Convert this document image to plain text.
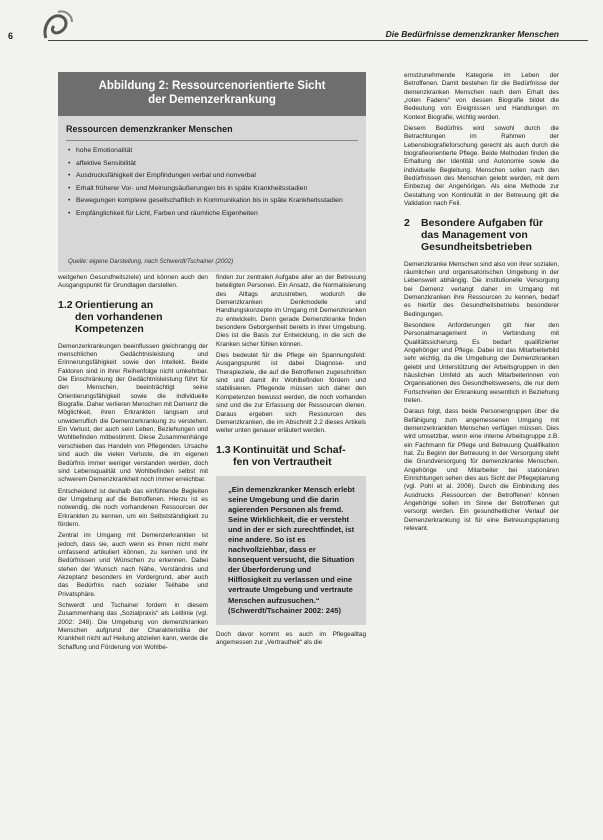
6	Die Bedürfnisse demenzkranker Menschen
Abbildung 2: Ressourcenorientierte Sicht
der Demenzerkrankung
Ressourcen demenzkranker Menschen
• hohe Emotionalität
• affektive Sensibilität
• Ausdrucksfähigkeit der Empfindungen verbal und nonverbal
• Erhalt früherer Vor- und Meinungsäußerungen bis in späte Krankheitsstadien
• Bewegungen komplexe gesellschaftlich in Kommunikation bis in späte Krankheitsstadien
• Empfänglichkeit für Licht, Farben und räumliche Eigenheiten
Quelle: eigene Darstellung, nach Schwerdt/Tschainer (2002)

weitgehen Gesundheitsziele) und können auch den Ausgangspunkt für Grundlagen darstellen.

1.2 Orientierung an
den vorhandenen
Kompetenzen

Demenzerkrankungen beeinflussen gleichrangig der menschlichen Gedächtnisleistung und Erinnerungsfähigkeit sowie den Intellekt. Beide Faktoren sind in ihrer Reihenfolge nicht umkehrbar. Die Einschränkung der Gedächtnisleistung führt für den Menschen, beeinträchtigt seine Orientierungsfähigkeit sowie die individuelle Biografie. Daher verlieren Menschen mit Demenz die Möglichkeit, ihren Erkrankten langsam und unwiderruflich die Demenzerkrankung zu verstehen. Ein Verlust, der auch sein Leben, Beziehungen und Wohlbefinden mitbestimmt. Diese Zusammenhänge verschieben das Handeln von Pflegenden. Ursache sind auch die vielen Verluste, die im eigenen Bedürfnis immer weniger verstanden werden, doch sind Lebensqualität und Wohlbefinden selbst mit schwerem Demenzkrankheit noch immer erreichbar.

Entscheidend ist deshalb das einfühlende Begleiten der Umgebung auf die Betroffenen. Hierzu ist es notwendig, die noch vorhandenen Ressourcen der Erkrankten zu kennen, um ein Selbstständigkeit zu fördern.

Zentral im Umgang mit Demenzerkrankten ist jedoch, dass sie, auch wenn es ihnen nicht mehr umfassend artikuliert können, zu kennen und ihr Bedürfnissen und Wünschen zu erkennen. Dabei stehen der Wunsch nach Nähe, Verständnis und Akzeptanz besonders im Vordergrund, aber auch das Bedürfnis nach sozialer Teilhabe und Privatsphäre.

Schwerdt und Tschainer fordern in diesem Zusammenhang das „Sozialpraxis“ als Leitlinie (vgl. 2002: 248). Die Umgebung von demenzkranken Menschen aufgrund der Charakteristika der Krankheit nicht auf Heilung abzielen kann, werde die Schaffung und Förderung von Wohlbe-

finden zur zentralen Aufgabe aller an der Betreuung beteiligten Personen. Ein Ansatz, die Normalisierung des Alltags anzustreben, wodurch die Demenzkranken Denkmodelle und Handlungskonzepte im Umgang mit Demenzkranken zu entwickeln. Denn gerade Demenzkranke finden besondere Geborgenheit bereits in ihrer Umgebung. Dies ist die Basis zur Entwicklung, in die sich die Kranken sicher fühlen können.

Dies bedeutet für die Pflege ein Spannungsfeld: Ausgangspunkt ist dabei Diagnose- und Therapieziele, die auf die Betroffenen zugeschnitten sind und damit ihr Wohlbefinden fördern und stabilisieren. Pflegende müssen sich daher den Kompetenzen bewusst werden, die noch vorhanden sind und die zur Erfassung der Ressourcen dienen. Daraus ergeben sich Ressourcen des Demenzkranken, die im Abschnitt 2.2 dieses Artikels weiter unten genauer erläutert werden.

1.3 Kontinuität und Schaf-
fen von Vertrautheit
„Ein demenzkranker Mensch erlebt seine Umgebung und die darin agierenden Personen als fremd. Seine Wirklichkeit, die er versteht und in der er sich zurechtfindet, ist eine andere. So ist es nachvollziehbar, dass er konsequent versucht, die Situation der Überforderung und Hilflosigkeit zu verlassen und eine vertraute Umgebung und vertraute Menschen aufzusuchen.“ (Schwerdt/Tschainer 2002: 245)

Doch davor kommt es auch im Pflegealltag angemessen zur „Vertrautheit“ als die

ernstzunehmende Kategorie im Leben der Betroffenen. Damit bestehen für die Bedürfnisse der demenzkranken Menschen nach dem Erhalt des „roten Fadens“ von dessen Biografie bildet die Bedeutung von Ereignissen und Handlungen im Kontext Biografie, wichtig werden.

Diesem Bedürfnis wird sowohl durch die Betrachtungen im Rahmen der Lebensbiografieforschung gerecht als auch durch die biografieorientierte Pflege. Beide Methoden finden die Erhaltung der Identität und Autonomie sowie die individuelle Begleitung. Menschen sollen nach den Bedürfnissen des Menschen gelebt werden, mit dem Einbezug der Angehörigen. Als eine Methode zur Gestaltung von Kontinuität in der Betreuung gilt die Validation nach Feil.

2 Besondere Aufgaben für
das Management von
Gesundheitsbetrieben

Demenzkranke Menschen sind also von ihrer sozialen, räumlichen und organisatorischen Umgebung in der Lebenswelt abhängig. Die institutionelle Versorgung bei Demenz verlangt daher im Umgang mit Demenzkranken ihre Ressourcen zu kennen, bedarf es hierfür des Gesundheitsbetriebs besonderer Bedingungen.

Besondere Anforderungen gilt hier den Personalmanagement in Verbindung mit Qualitätssicherung. Es bedarf qualifizierter Angehöriger und Pflege. Dabei ist das Mitarbeiterbild sehr wichtig, da die Umgebung der Demenzkranken gelebt und Unterstützung der Arbeitsgruppen in den häuslichen Umfeld als auch Mitarbeiterinnen von Organisationen des Gesundheitswesens, die nur dem Fortschreiten der Erkrankung wesentlich in Beziehung treten.

Daraus folgt, dass beide Personengruppen über die Befähigung zum angemessenen Umgang mit demenzerkrankten Menschen verfügen müssen. Dies wird umsetzbar, wenn eine interne Arbeitsgruppe z.B. ein Fachmann für Pflege und Betreuung Qualifikation hat. Zu Beginn der Betreuung in der Versorgung steht die Grundversorgung für demenzkranke Menschen. Angehörige und Mitarbeiter bei stationären Einrichtungen sehen dies aus Sicht der Pflegeplanung (vgl. Pohl et al. 2006). Durch die Einbindung des Ausdrucks ,Ressourcen der Betroffenen' können Angehörige sollen im Sinne der Betroffenen gut versorgt werden. Ein gesundheitlicher Verlauf der Demenzerkrankung ist für eine Betreuungsplanung relevant.
